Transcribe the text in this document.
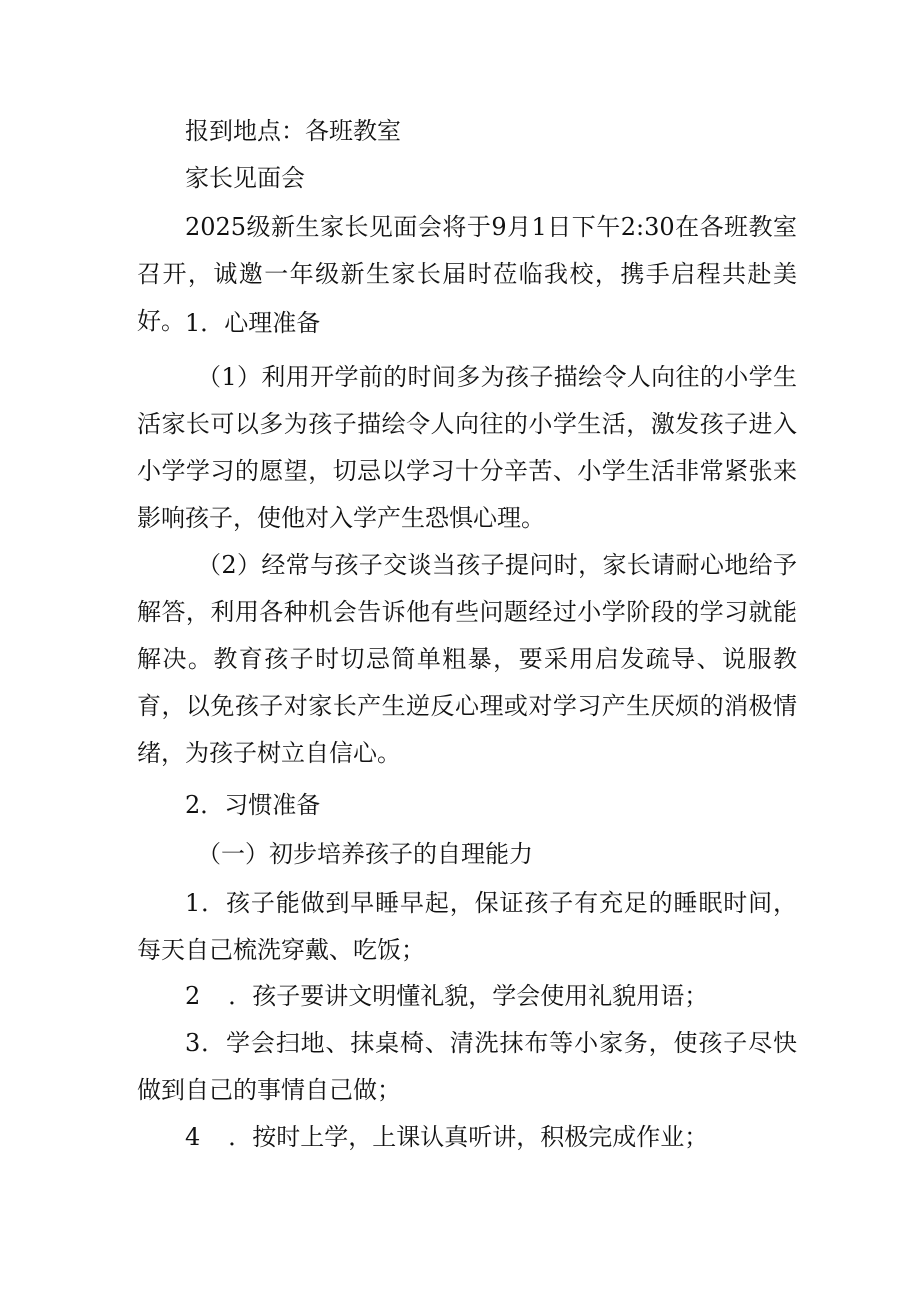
报到地点：各班教室

家长见面会

2025级新生家长见面会将于9月1日下午2:30在各班教室召开，诚邀一年级新生家长届时莅临我校，携手启程共赴美好。 1．心理准备

（1）利用开学前的时间多为孩子描绘令人向往的小学生活家长可以多为孩子描绘令人向往的小学生活，激发孩子进入小学学习的愿望，切忌以学习十分辛苦、小学生活非常紧张来影响孩子，使他对入学产生恐惧心理。

（2）经常与孩子交谈当孩子提问时，家长请耐心地给予解答，利用各种机会告诉他有些问题经过小学阶段的学习就能解决。教育孩子时切忌简单粗暴，要采用启发疏导、说服教育，以免孩子对家长产生逆反心理或对学习产生厌烦的消极情绪，为孩子树立自信心。

2．习惯准备

（一）初步培养孩子的自理能力

1．孩子能做到早睡早起，保证孩子有充足的睡眠时间，每天自己梳洗穿戴、吃饭；

2 ．孩子要讲文明懂礼貌，学会使用礼貌用语；

3．学会扫地、抹桌椅、清洗抹布等小家务，使孩子尽快做到自己的事情自己做；

4 ．按时上学，上课认真听讲，积极完成作业；
